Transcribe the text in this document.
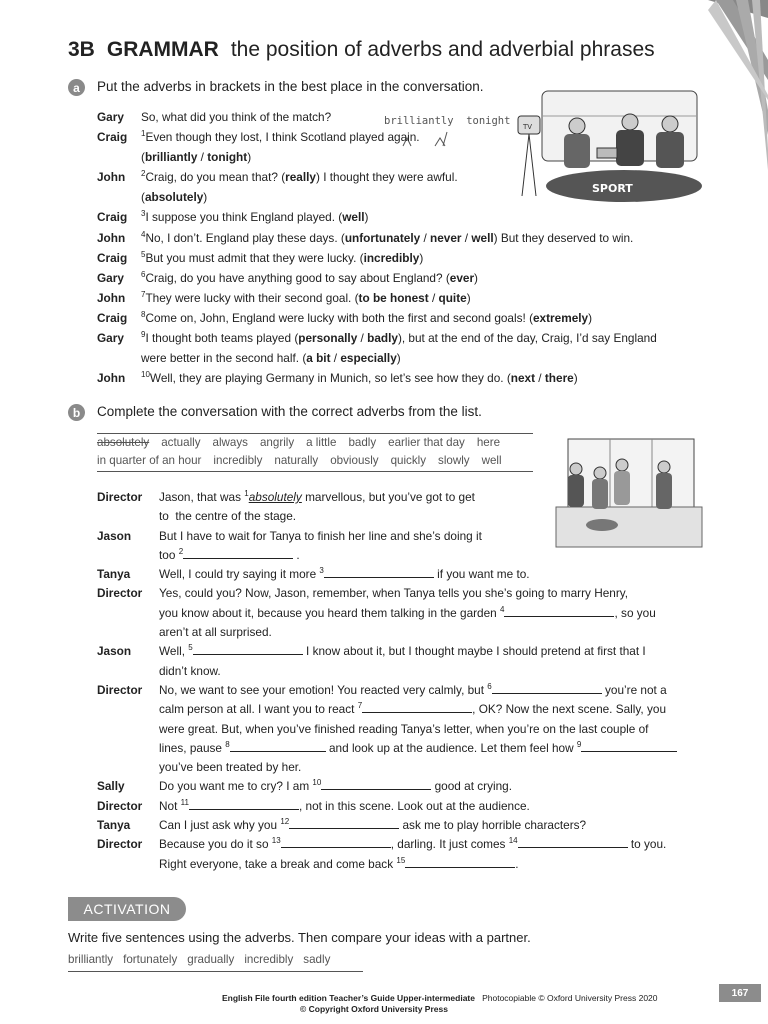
3B GRAMMAR the position of adverbs and adverbial phrases
a	Put the adverbs in brackets in the best place in the conversation.
brilliantly tonight
Gary	So, what did you think of the match?
Craig	$^1$Even though they lost, I think Scotland played again.
(brilliantly / tonight)
John	$^2$Craig, do you mean that? (really) I thought they were awful.
(absolutely)
Craig	$^3$I suppose you think England played. (well)
John	$^4$No, I don’t. England play these days. (unfortunately / never / well) But they deserved to win.
Craig	$^5$But you must admit that they were lucky. (incredibly)
Gary	$^6$Craig, do you have anything good to say about England? (ever)
John	$^7$They were lucky with their second goal. (to be honest / quite)
Craig	$^8$Come on, John, England were lucky with both the first and second goals! (extremely)
Gary	$^9$I thought both teams played (personally / badly), but at the end of the day, Craig, I’d say England
were better in the second half. (a bit / especially)
John	$^{10}$Well, they are playing Germany in Munich, so let’s see how they do. (next / there)
TV
SPORT
b	Complete the conversation with the correct adverbs from the list.
absolutely actually always angrily a little badly earlier that day here
in quarter of an hour incredibly naturally obviously quickly slowly well
Director	Jason, that was $^1$absolutely marvellous, but you’ve got to get
to  the centre of the stage.
Jason	But I have to wait for Tanya to finish her line and she’s doing it
too $^2$	.
Tanya	Well, I could try saying it more $^3$	if you want me to.
Director	Yes, could you? Now, Jason, remember, when Tanya tells you she’s going to marry Henry,
you know about it, because you heard them talking in the garden $^4$	, so you
aren’t at all surprised.
Jason	Well, $^5$	I know about it, but I thought maybe I should pretend at first that I
didn’t know.
Director	No, we want to see your emotion! You reacted very calmly, but $^6$	you’re not a
calm person at all. I want you to react $^7$	, OK? Now the next scene. Sally, you
were great. But, when you’ve finished reading Tanya’s letter, when you’re on the last couple of
lines, pause $^8$	and look up at the audience. Let them feel how $^9$
you’ve been treated by her.
Sally	Do you want me to cry? I am $^{10}$	good at crying.
Director	Not $^{11}$	, not in this scene. Look out at the audience.
Tanya	Can I just ask why you $^{12}$	ask me to play horrible characters?
Director	Because you do it so $^{13}$	, darling. It just comes $^{14}$	to you.
Right everyone, take a break and come back $^{15}$	.
ACTIVATION
Write five sentences using the adverbs. Then compare your ideas with a partner.
brilliantly fortunately gradually incredibly sadly
English File fourth edition Teacher’s Guide Upper-intermediate Photocopiable © Oxford University Press 2020
© Copyright Oxford University Press
167
